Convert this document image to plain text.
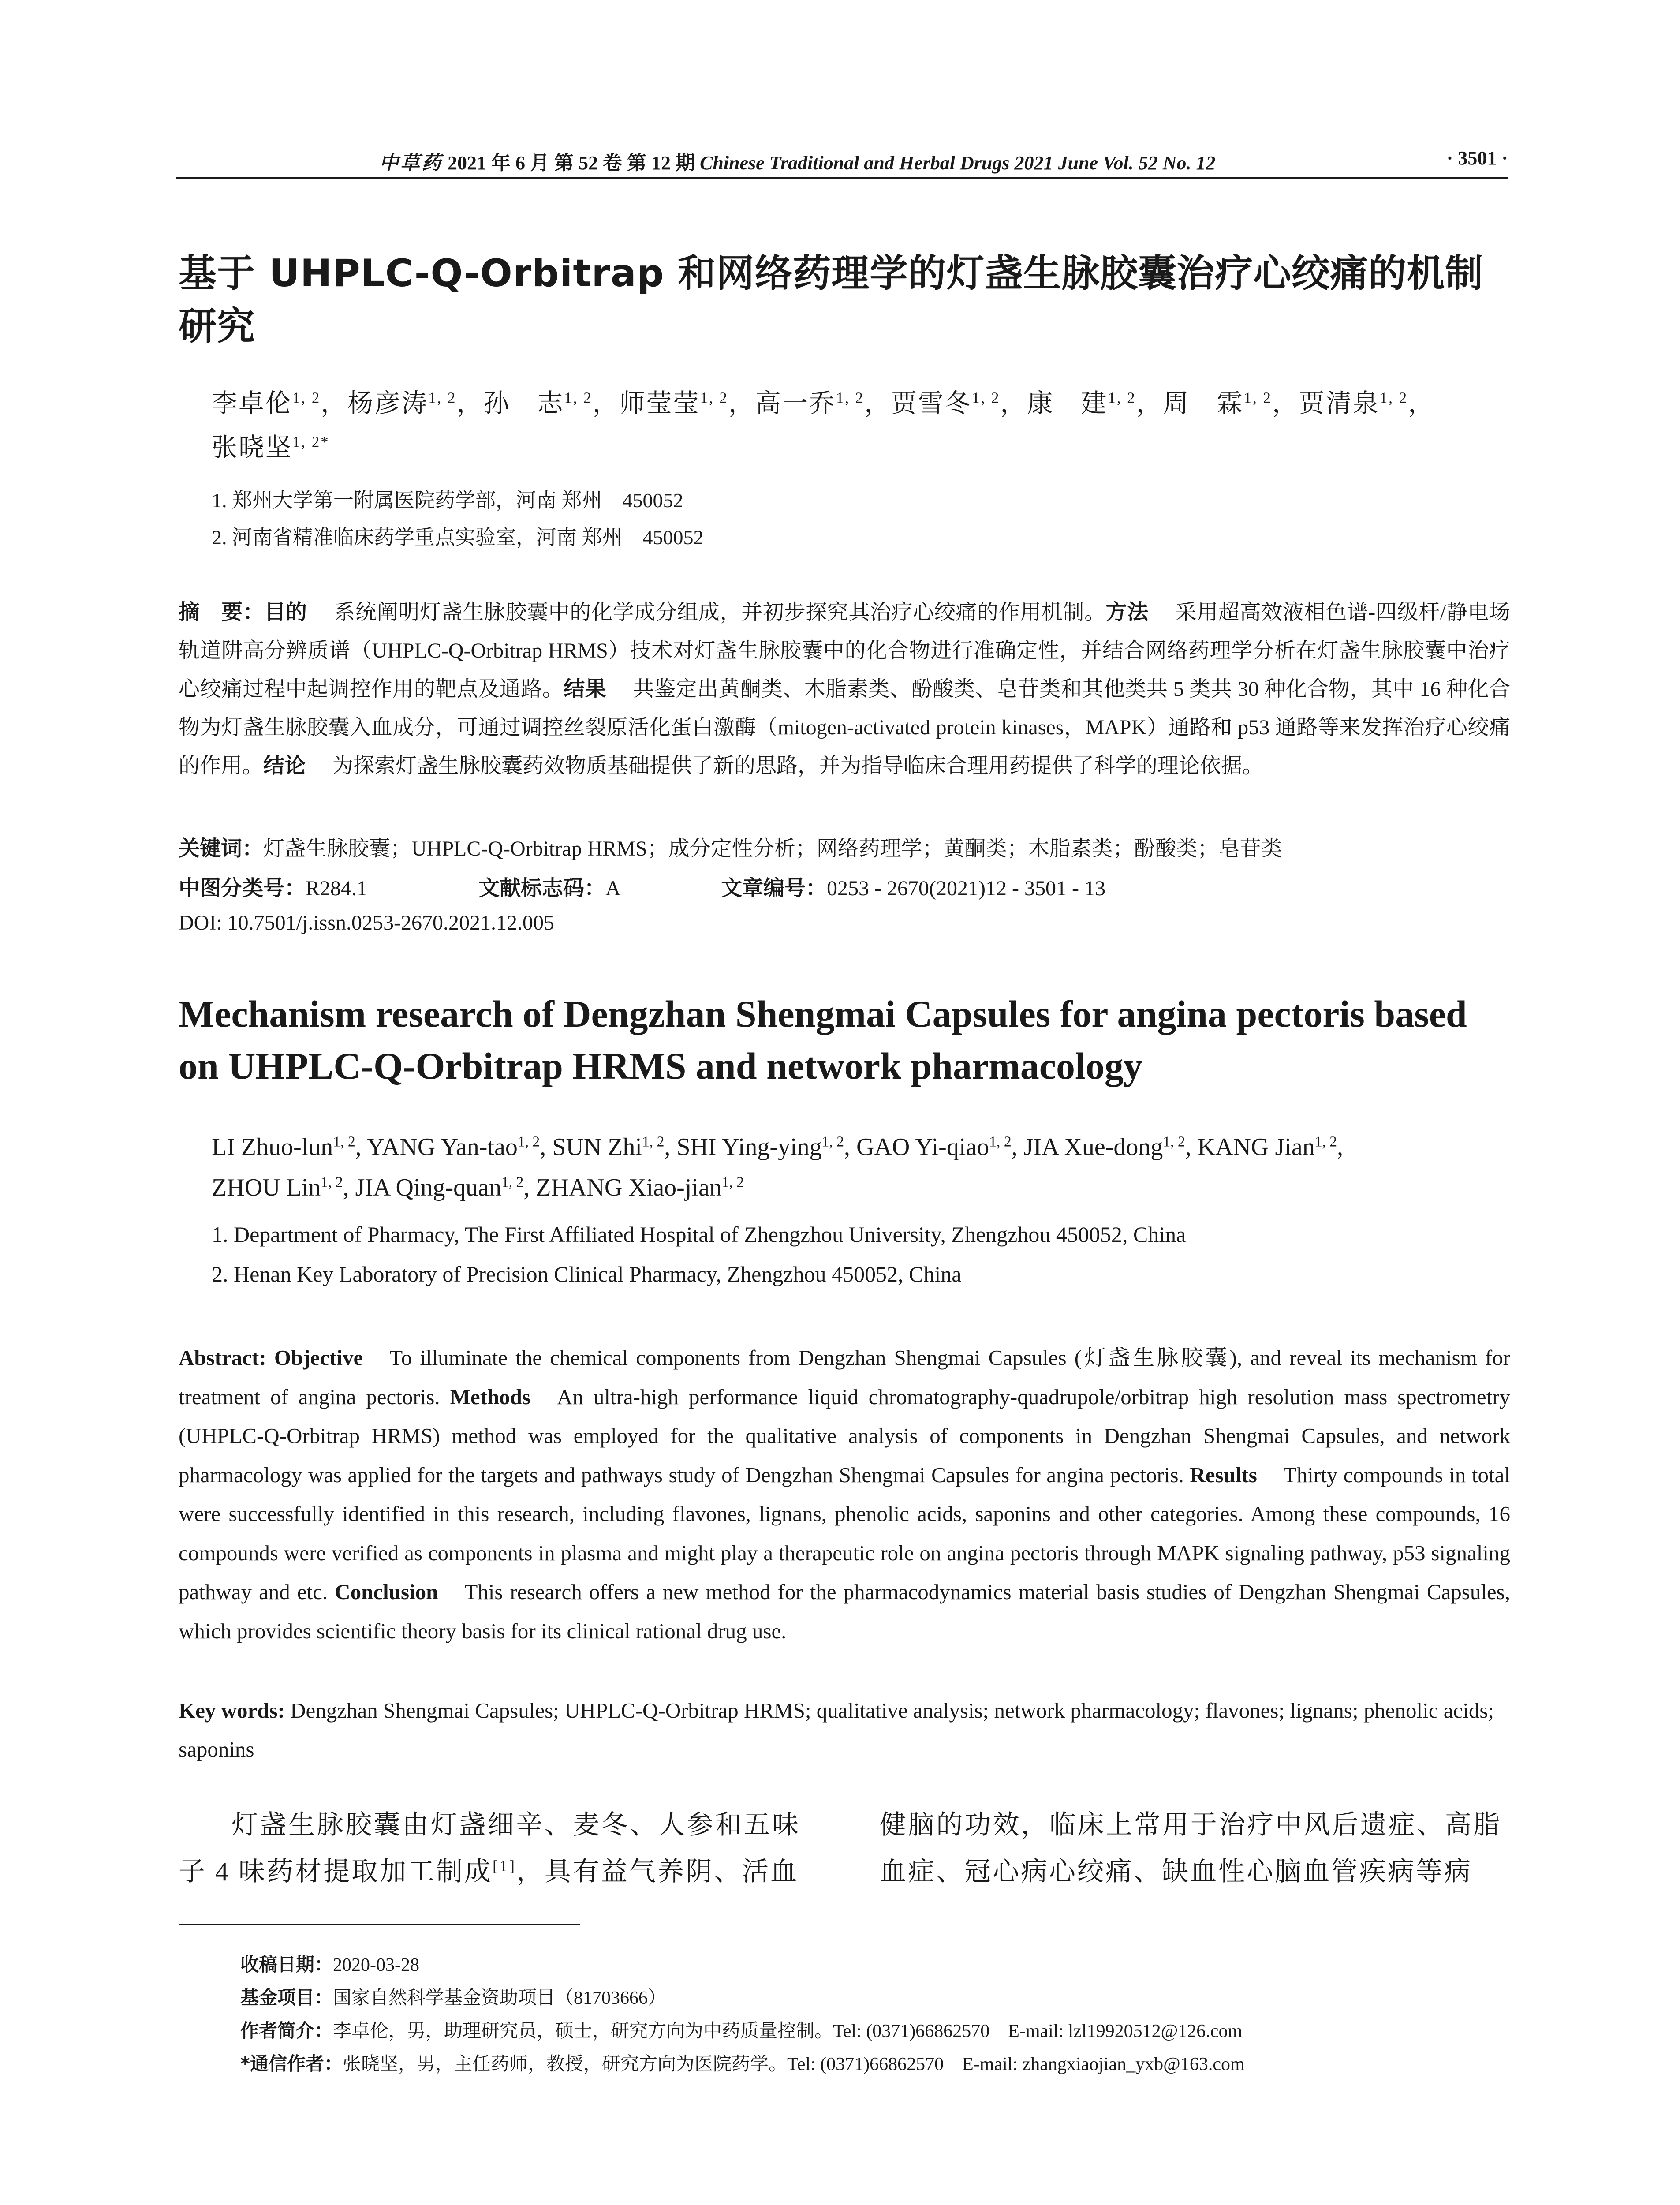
中草药 2021 年 6 月 第 52 卷 第 12 期 Chinese Traditional and Herbal Drugs 2021 June Vol. 52 No. 12	· 3501 ·
基于 UHPLC-Q-Orbitrap 和网络药理学的灯盏生脉胶囊治疗心绞痛的机制研究
李卓伦$^{1, 2}$，杨彦涛$^{1, 2}$，孙　志$^{1, 2}$，师莹莹$^{1, 2}$，高一乔$^{1, 2}$，贾雪冬$^{1, 2}$，康　建$^{1, 2}$，周　霖$^{1, 2}$，贾清泉$^{1, 2}$，
张晓坚$^{1, 2*}$
1. 郑州大学第一附属医院药学部，河南 郑州　450052
2. 河南省精准临床药学重点实验室，河南 郑州　450052
摘　要：目的 系统阐明灯盏生脉胶囊中的化学成分组成，并初步探究其治疗心绞痛的作用机制。方法 采用超高效液相色谱-四级杆/静电场轨道阱高分辨质谱（UHPLC-Q-Orbitrap HRMS）技术对灯盏生脉胶囊中的化合物进行准确定性，并结合网络药理学分析在灯盏生脉胶囊中治疗心绞痛过程中起调控作用的靶点及通路。结果 共鉴定出黄酮类、木脂素类、酚酸类、皂苷类和其他类共 5 类共 30 种化合物，其中 16 种化合物为灯盏生脉胶囊入血成分，可通过调控丝裂原活化蛋白激酶（mitogen-activated protein kinases，MAPK）通路和 p53 通路等来发挥治疗心绞痛的作用。结论 为探索灯盏生脉胶囊药效物质基础提供了新的思路，并为指导临床合理用药提供了科学的理论依据。
关键词：灯盏生脉胶囊；UHPLC-Q-Orbitrap HRMS；成分定性分析；网络药理学；黄酮类；木脂素类；酚酸类；皂苷类
中图分类号：R284.1	文献标志码：A	文章编号：0253 - 2670(2021)12 - 3501 - 13
DOI: 10.7501/j.issn.0253-2670.2021.12.005
Mechanism research of Dengzhan Shengmai Capsules for angina pectoris based on UHPLC-Q-Orbitrap HRMS and network pharmacology
LI Zhuo-lun$^{1, 2}$, YANG Yan-tao$^{1, 2}$, SUN Zhi$^{1, 2}$, SHI Ying-ying$^{1, 2}$, GAO Yi-qiao$^{1, 2}$, JIA Xue-dong$^{1, 2}$, KANG Jian$^{1, 2}$,
ZHOU Lin$^{1, 2}$, JIA Qing-quan$^{1, 2}$, ZHANG Xiao-jian$^{1, 2}$
1. Department of Pharmacy, The First Affiliated Hospital of Zhengzhou University, Zhengzhou 450052, China
2. Henan Key Laboratory of Precision Clinical Pharmacy, Zhengzhou 450052, China
Abstract: Objective To illuminate the chemical components from Dengzhan Shengmai Capsules (灯盏生脉胶囊), and reveal its mechanism for treatment of angina pectoris. Methods An ultra-high performance liquid chromatography-quadrupole/orbitrap high resolution mass spectrometry (UHPLC-Q-Orbitrap HRMS) method was employed for the qualitative analysis of components in Dengzhan Shengmai Capsules, and network pharmacology was applied for the targets and pathways study of Dengzhan Shengmai Capsules for angina pectoris. Results Thirty compounds in total were successfully identified in this research, including flavones, lignans, phenolic acids, saponins and other categories. Among these compounds, 16 compounds were verified as components in plasma and might play a therapeutic role on angina pectoris through MAPK signaling pathway, p53 signaling pathway and etc. Conclusion This research offers a new method for the pharmacodynamics material basis studies of Dengzhan Shengmai Capsules, which provides scientific theory basis for its clinical rational drug use.
Key words: Dengzhan Shengmai Capsules; UHPLC-Q-Orbitrap HRMS; qualitative analysis; network pharmacology; flavones; lignans; phenolic acids; saponins
灯盏生脉胶囊由灯盏细辛、麦冬、人参和五味子 4 味药材提取加工制成[1]，具有益气养阴、活血
健脑的功效，临床上常用于治疗中风后遗症、高脂血症、冠心病心绞痛、缺血性心脑血管疾病等病
收稿日期：2020-03-28
基金项目：国家自然科学基金资助项目（81703666）
作者简介：李卓伦，男，助理研究员，硕士，研究方向为中药质量控制。Tel: (0371)66862570　E-mail: lzl19920512@126.com
*通信作者：张晓坚，男，主任药师，教授，研究方向为医院药学。Tel: (0371)66862570　E-mail: zhangxiaojian_yxb@163.com
